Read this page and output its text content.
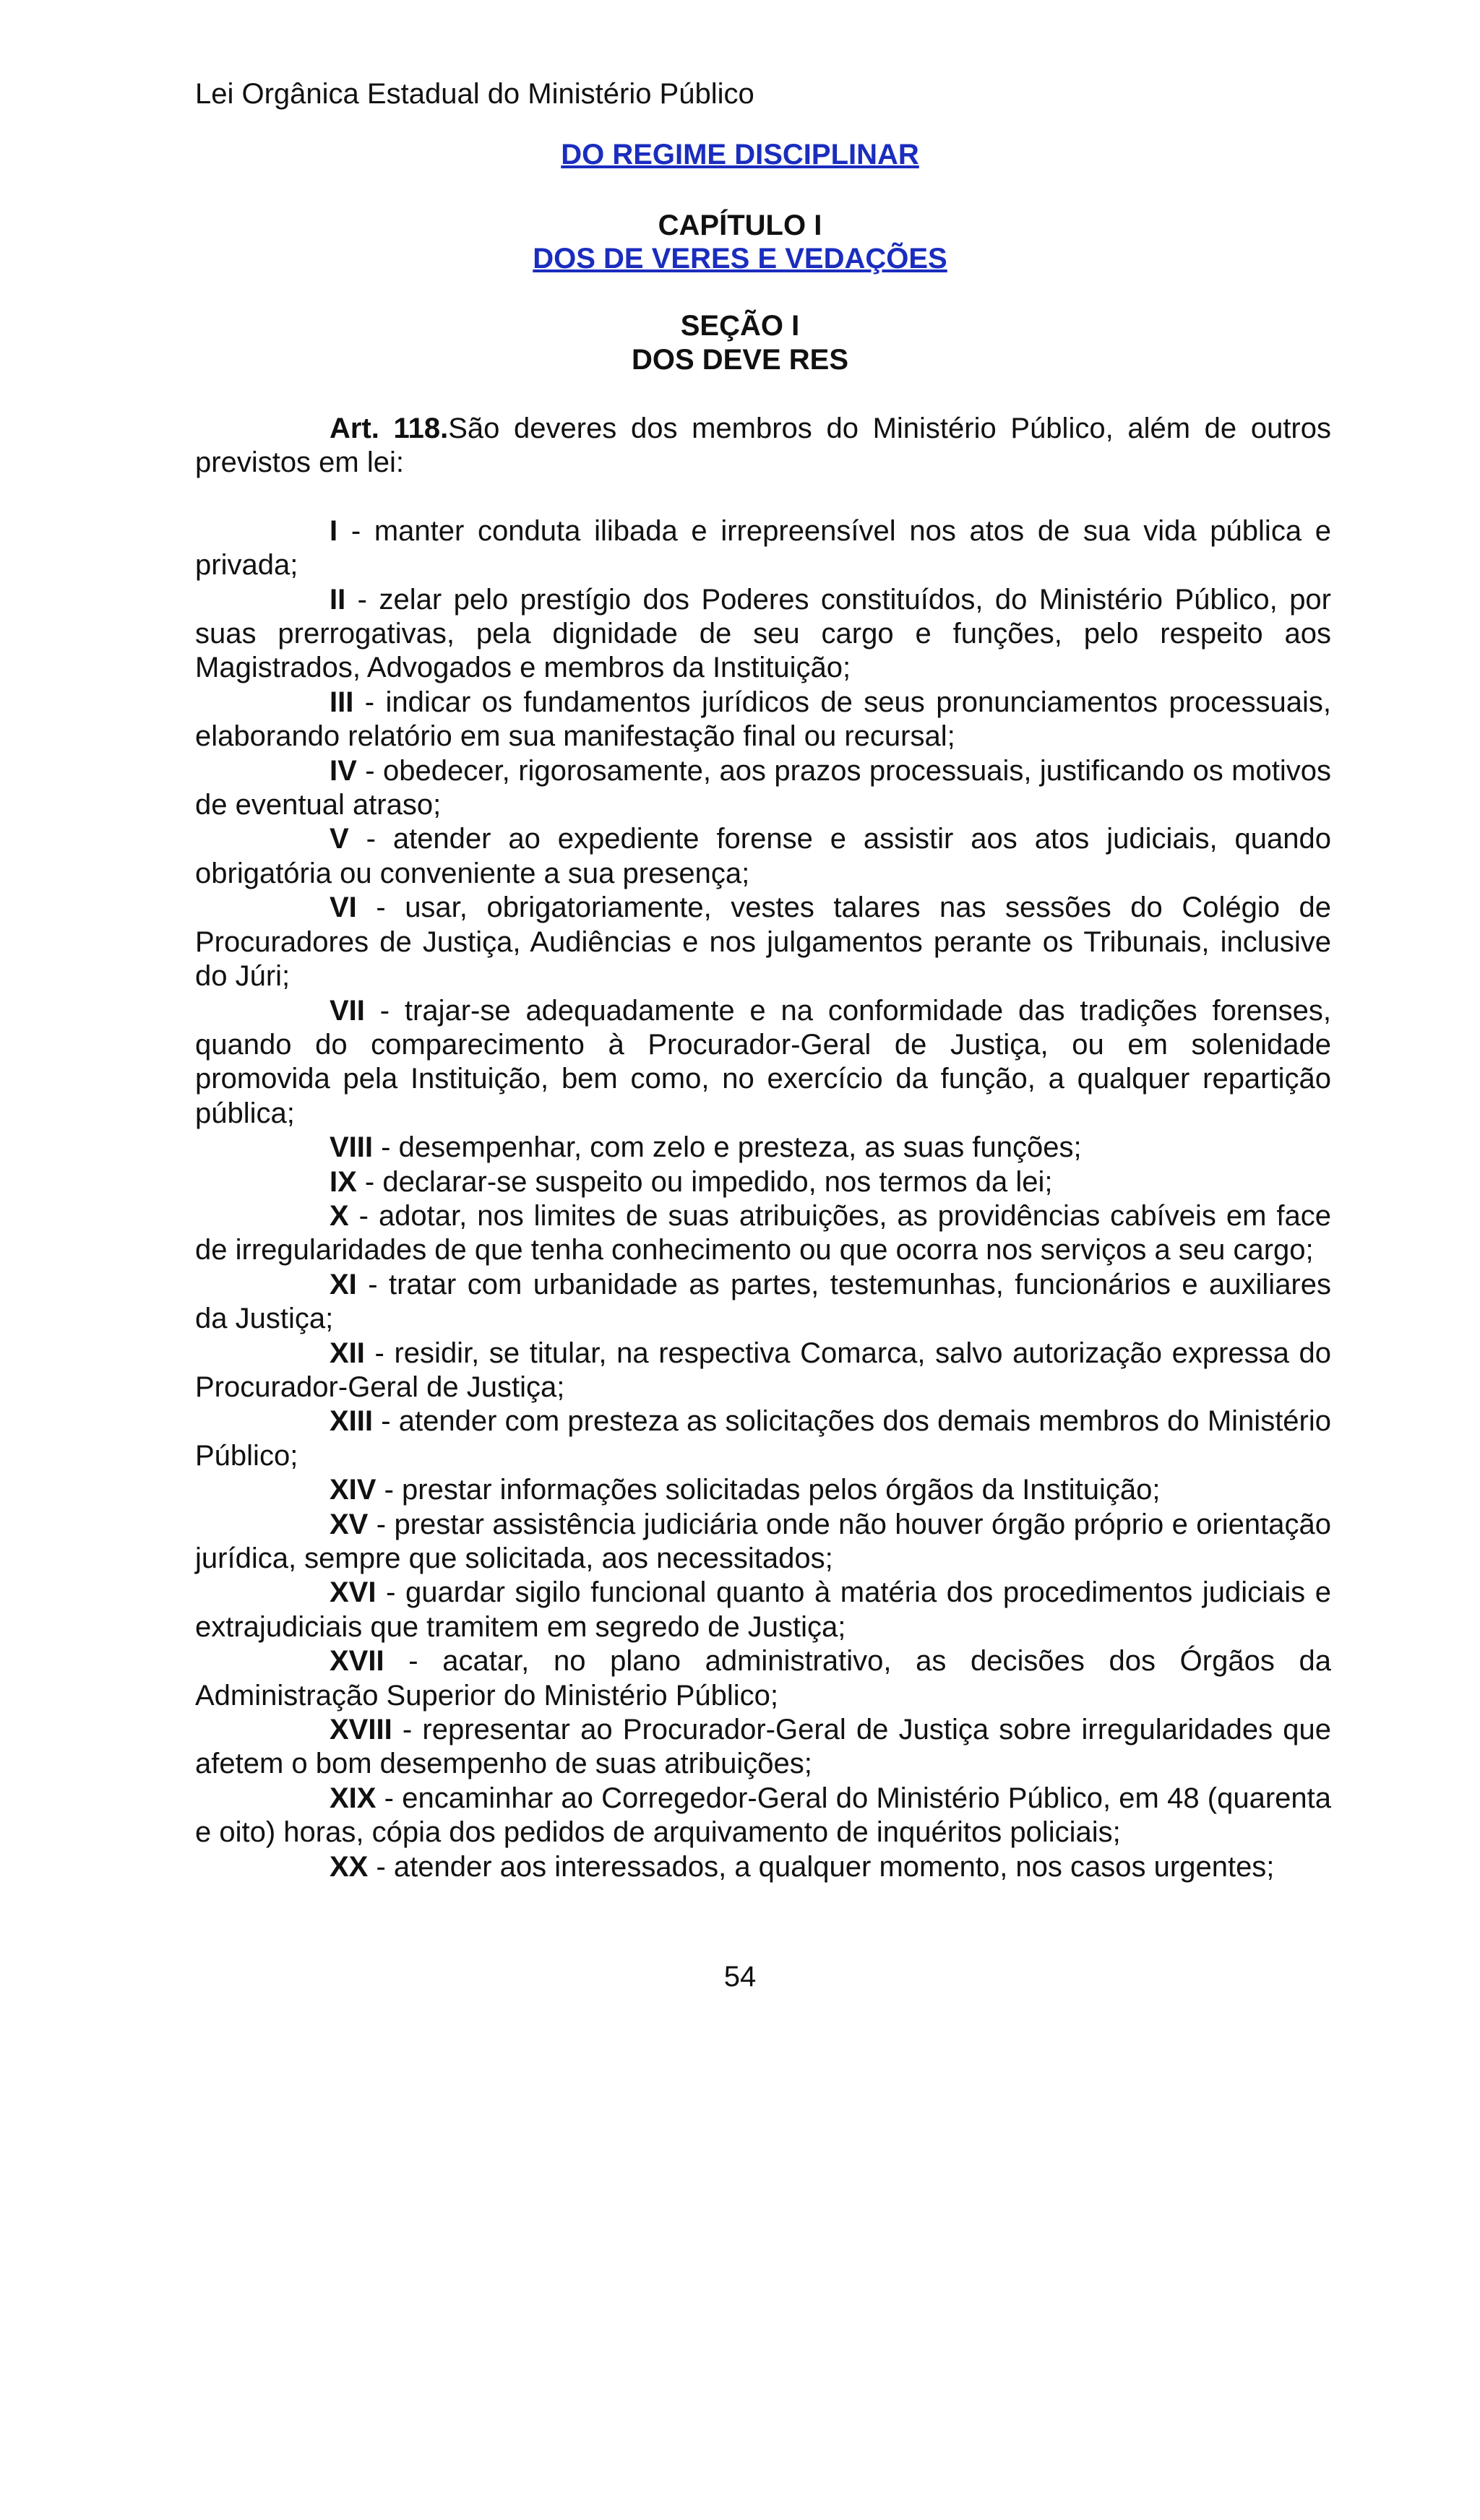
Lei Orgânica Estadual do Ministério Público
DO REGIME DISCIPLINAR
CAPÍTULO I
DOS DE VERES E VEDAÇÕES
SEÇÃO I
DOS DEVE RES

Art. 118.São deveres dos membros do Ministério Público, além de outros previstos em lei:

I - manter conduta ilibada e irrepreensível nos atos de sua vida pública e privada;

II - zelar pelo prestígio dos Poderes constituídos, do Ministério Público, por suas prerrogativas, pela dignidade de seu cargo e funções, pelo respeito aos Magistrados, Advogados e membros da Instituição;

III - indicar os fundamentos jurídicos de seus pronunciamentos processuais, elaborando relatório em sua manifestação final ou recursal;

IV - obedecer, rigorosamente, aos prazos processuais, justificando os motivos de eventual atraso;

V - atender ao expediente forense e assistir aos atos judiciais, quando obrigatória ou conveniente a sua presença;

VI - usar, obrigatoriamente, vestes talares nas sessões do Colégio de Procuradores de Justiça, Audiências e nos julgamentos perante os Tribunais, inclusive do Júri;

VII - trajar-se adequadamente e na conformidade das tradições forenses, quando do comparecimento à Procurador-Geral de Justiça, ou em solenidade promovida pela Instituição, bem como, no exercício da função, a qualquer repartição pública;

VIII - desempenhar, com zelo e presteza, as suas funções;

IX - declarar-se suspeito ou impedido, nos termos da lei;

X - adotar, nos limites de suas atribuições, as providências cabíveis em face de irregularidades de que tenha conhecimento ou que ocorra nos serviços a seu cargo;

XI - tratar com urbanidade as partes, testemunhas, funcionários e auxiliares da Justiça;

XII - residir, se titular, na respectiva Comarca, salvo autorização expressa do Procurador-Geral de Justiça;

XIII - atender com presteza as solicitações dos demais membros do Ministério Público;

XIV - prestar informações solicitadas pelos órgãos da Instituição;

XV - prestar assistência judiciária onde não houver órgão próprio e orientação jurídica, sempre que solicitada, aos necessitados;

XVI - guardar sigilo funcional quanto à matéria dos procedimentos judiciais e extrajudiciais que tramitem em segredo de Justiça;

XVII - acatar, no plano administrativo, as decisões dos Órgãos da Administração Superior do Ministério Público;

XVIII - representar ao Procurador-Geral de Justiça sobre irregularidades que afetem o bom desempenho de suas atribuições;

XIX - encaminhar ao Corregedor-Geral do Ministério Público, em 48 (quarenta e oito) horas, cópia dos pedidos de arquivamento de inquéritos policiais;

XX - atender aos interessados, a qualquer momento, nos casos urgentes;

54
